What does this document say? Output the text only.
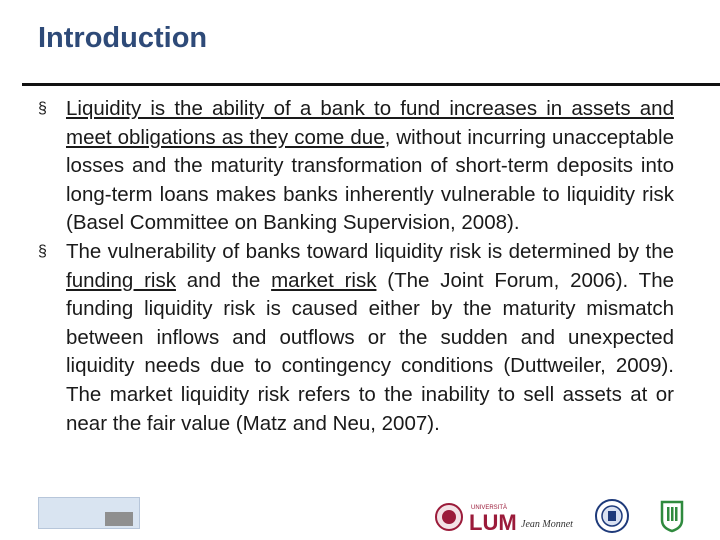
Introduction
§ Liquidity is the ability of a bank to fund increases in assets and meet obligations as they come due, without incurring unacceptable losses and the maturity transformation of short-term deposits into long-term loans makes banks inherently vulnerable to liquidity risk (Basel Committee on Banking Supervision, 2008).
§ The vulnerability of banks toward liquidity risk is determined by the funding risk and the market risk (The Joint Forum, 2006). The funding liquidity risk is caused either by the maturity mismatch between inflows and outflows or the sudden and unexpected liquidity needs due to contingency conditions (Duttweiler, 2009). The market liquidity risk refers to the inability to sell assets at or near the fair value (Matz and Neu, 2007).
UNIVERSITÀ
LUM Jean Monnet
